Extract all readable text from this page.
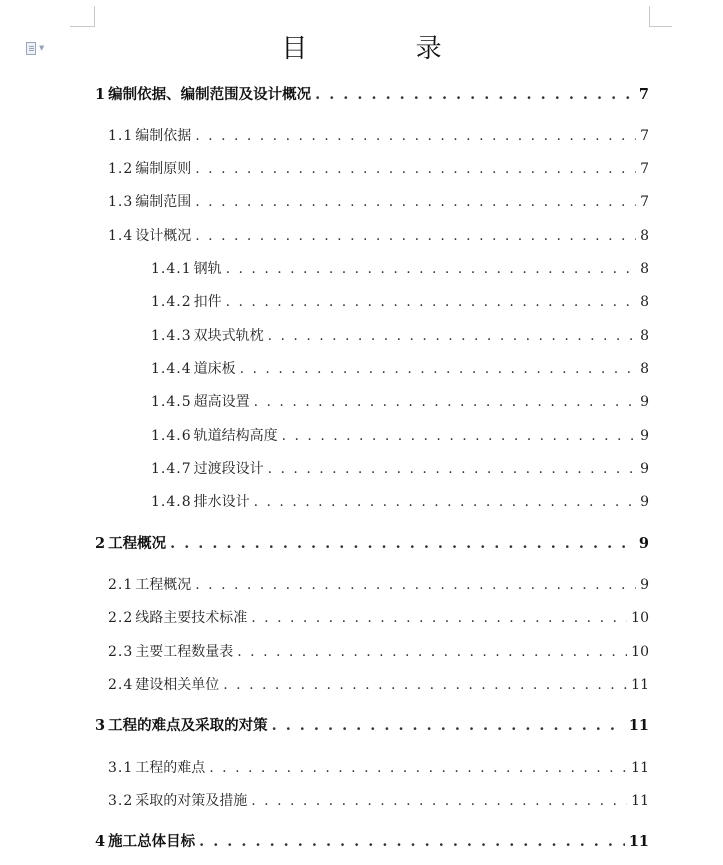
▼	目 录
1 编制依据、编制范围及设计概况 . . .	7
1.1 编制依据 . . .	7
1.2 编制原则 . . .	7
1.3 编制范围 . . .	7
1.4 设计概况 . . .	8
1.4.1 钢轨 . . .	8
1.4.2 扣件 . . .	8
1.4.3 双块式轨枕 . . .	8
1.4.4 道床板 . . .	8
1.4.5 超高设置 . . .	9
1.4.6 轨道结构高度 . . .	9
1.4.7 过渡段设计 . . .	9
1.4.8 排水设计 . . .	9
2 工程概况 . . .	9
2.1 工程概况 . . .	9
2.2 线路主要技术标准 . . .	10
2.3 主要工程数量表 . . .	10
2.4 建设相关单位 . . .	11
3 工程的难点及采取的对策 . . .	11
3.1 工程的难点 . . .	11
3.2 采取的对策及措施 . . .	11
4 施工总体目标 . . .	11
